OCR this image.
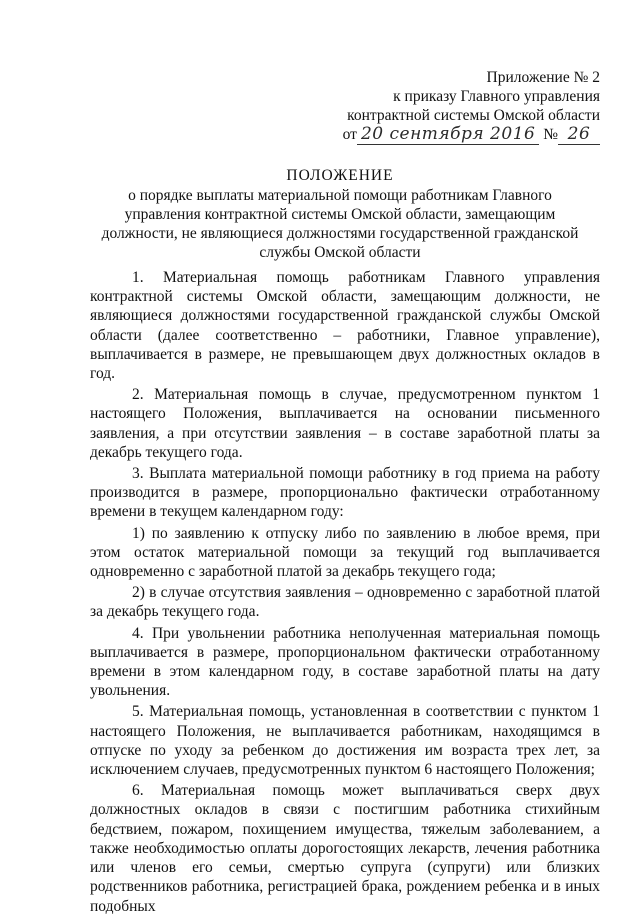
Приложение № 2
к приказу Главного управления
контрактной системы Омской области
от 20 сентября 2016 № 26
ПОЛОЖЕНИЕ
о порядке выплаты материальной помощи работникам Главного управления контрактной системы Омской области, замещающим должности, не являющиеся должностями государственной гражданской службы Омской области

1. Материальная помощь работникам Главного управления контрактной системы Омской области, замещающим должности, не являющиеся должностями государственной гражданской службы Омской области (далее соответственно – работники, Главное управление), выплачивается в размере, не превышающем двух должностных окладов в год.

2. Материальная помощь в случае, предусмотренном пунктом 1 настоящего Положения, выплачивается на основании письменного заявления, а при отсутствии заявления – в составе заработной платы за декабрь текущего года.

3. Выплата материальной помощи работнику в год приема на работу производится в размере, пропорционально фактически отработанному времени в текущем календарном году:

1) по заявлению к отпуску либо по заявлению в любое время, при этом остаток материальной помощи за текущий год выплачивается одновременно с заработной платой за декабрь текущего года;

2) в случае отсутствия заявления – одновременно с заработной платой за декабрь текущего года.

4. При увольнении работника неполученная материальная помощь выплачивается в размере, пропорциональном фактически отработанному времени в этом календарном году, в составе заработной платы на дату увольнения.

5. Материальная помощь, установленная в соответствии с пунктом 1 настоящего Положения, не выплачивается работникам, находящимся в отпуске по уходу за ребенком до достижения им возраста трех лет, за исключением случаев, предусмотренных пунктом 6 настоящего Положения;

6. Материальная помощь может выплачиваться сверх двух должностных окладов в связи с постигшим работника стихийным бедствием, пожаром, похищением имущества, тяжелым заболеванием, а также необходимостью оплаты дорогостоящих лекарств, лечения работника или членов его семьи, смертью супруга (супруги) или близких родственников работника, регистрацией брака, рождением ребенка и в иных подобных
